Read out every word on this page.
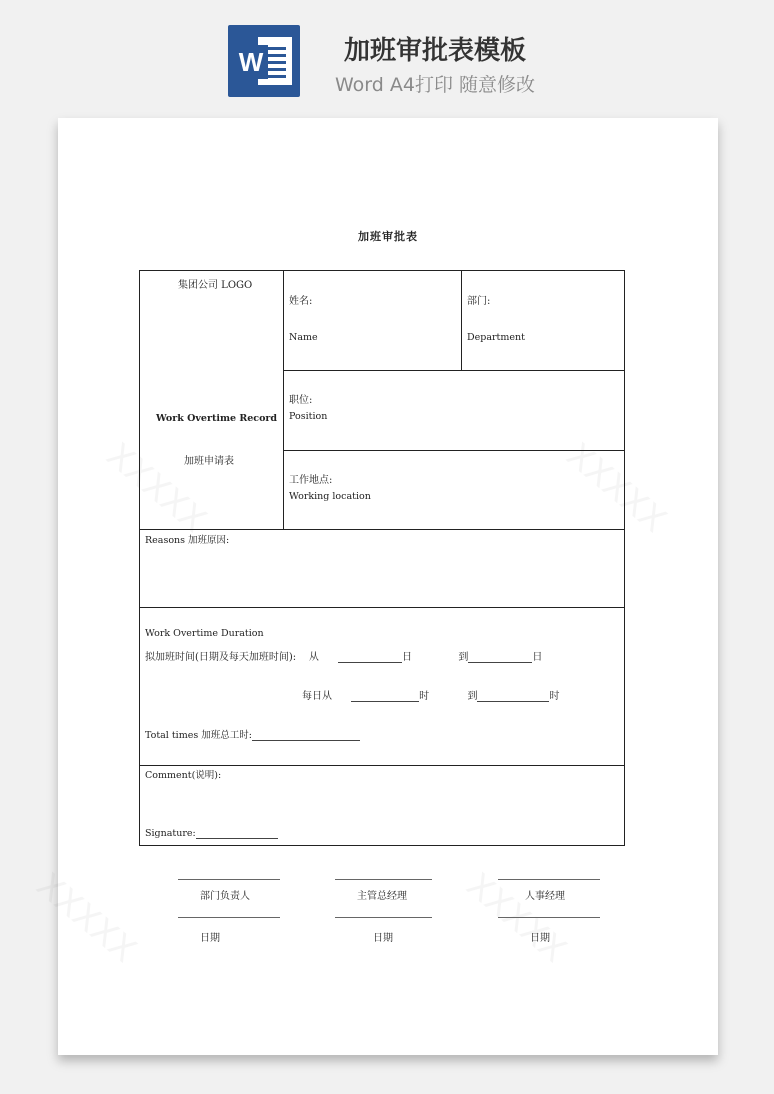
W	加班审批表模板
Word A4打印 随意修改
加班审批表
集团公司 LOGO
Work Overtime Record
加班申请表
姓名:
Name
部门:
Department
职位:
Position
工作地点:
Working location
Reasons 加班原因:
Work Overtime Duration
拟加班时间(日期及每天加班时间): 从	日	到	日
每日从	时	到	时
Total times 加班总工时:
Comment(说明):
Signature:
部门负责人	主管总经理	人事经理
日期	日期	日期
